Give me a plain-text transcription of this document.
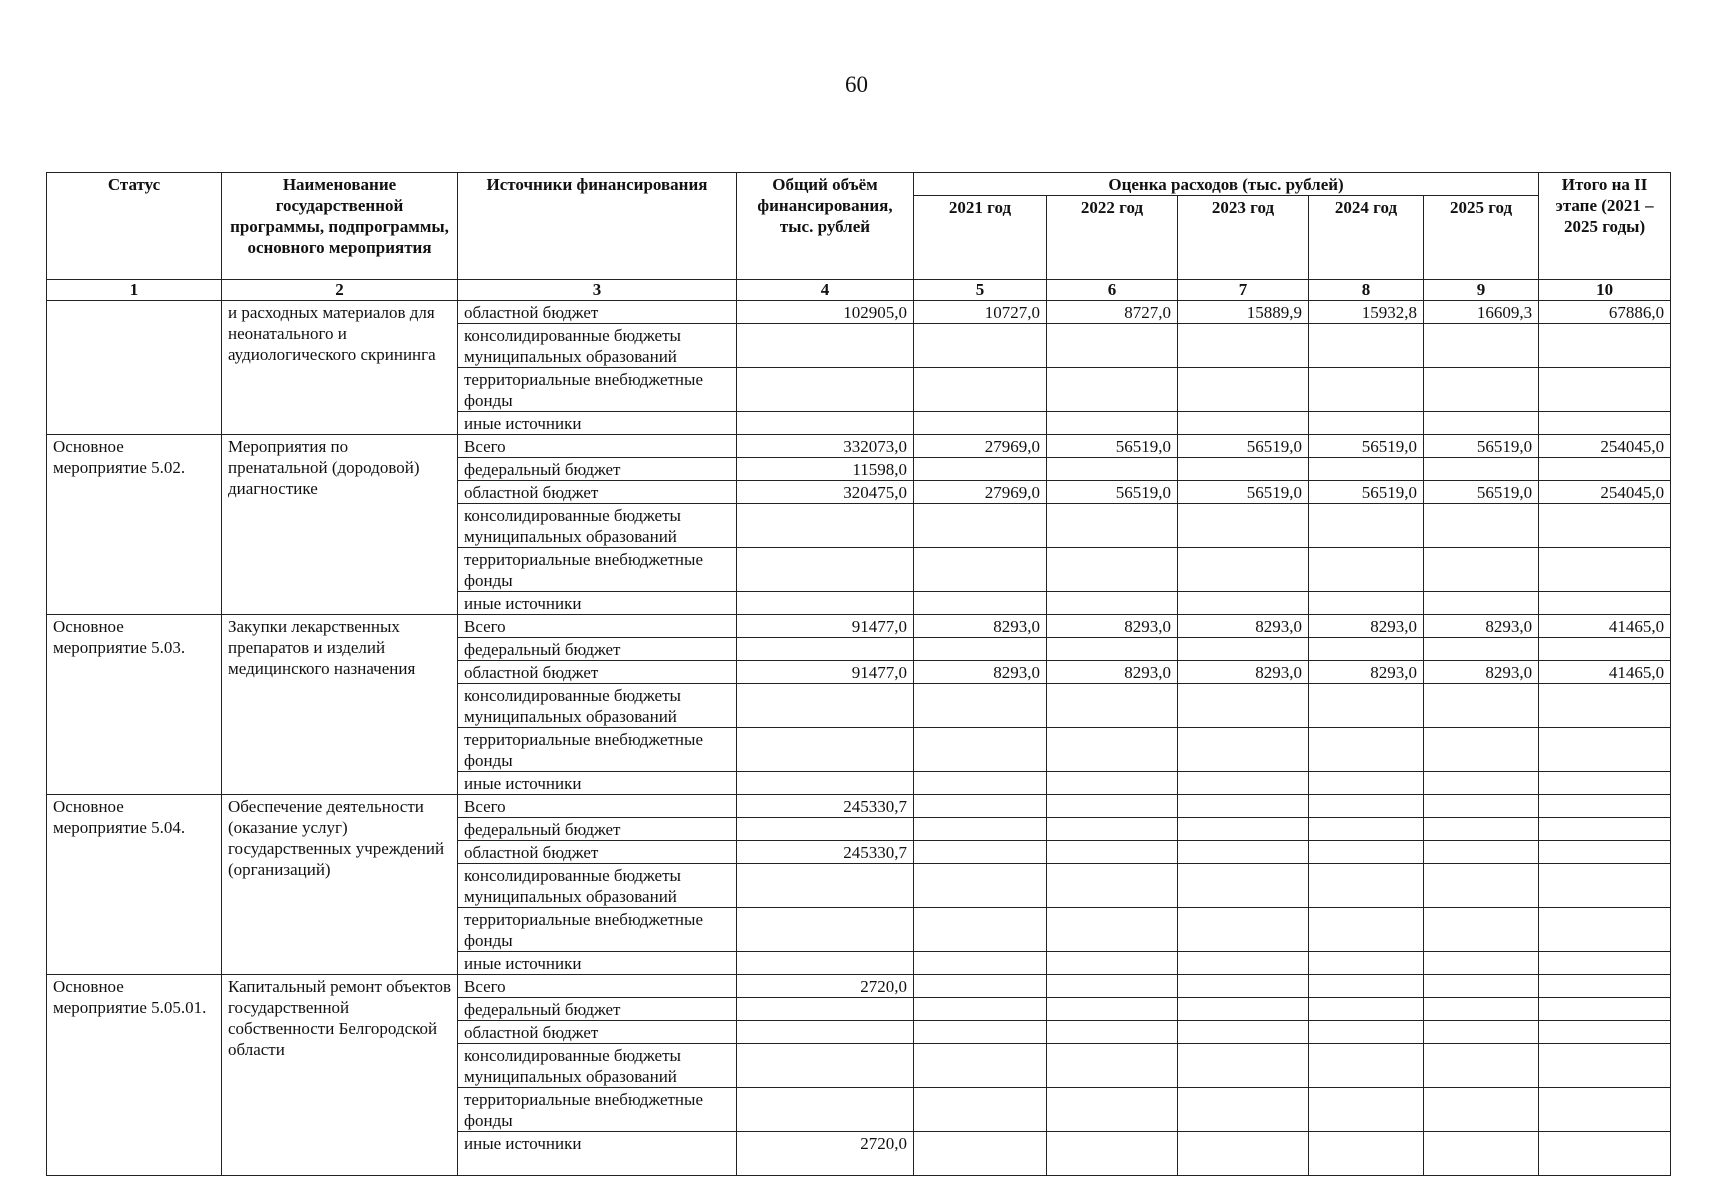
60
Статус	Наименование государственной программы, подпрограммы, основного мероприятия	Источники финансирования	Общий объём финансирования, тыс. рублей	Оценка расходов (тыс. рублей)					Итого на II этапе (2021 – 2025 годы)
				2021 год	2022 год	2023 год	2024 год	2025 год	
1	2	3	4	5	6	7	8	9	10
	и расходных материалов для неонатального и аудиологического скрининга	областной бюджет	102905,0	10727,0	8727,0	15889,9	15932,8	16609,3	67886,0
		консолидированные бюджеты муниципальных образований							
		территориальные внебюджетные фонды							
		иные источники							
Основное мероприятие 5.02.	Мероприятия по пренатальной (дородовой) диагностике	Всего	332073,0	27969,0	56519,0	56519,0	56519,0	56519,0	254045,0
		федеральный бюджет	11598,0						
		областной бюджет	320475,0	27969,0	56519,0	56519,0	56519,0	56519,0	254045,0
		консолидированные бюджеты муниципальных образований							
		территориальные внебюджетные фонды							
		иные источники							
Основное мероприятие 5.03.	Закупки лекарственных препаратов и изделий медицинского назначения	Всего	91477,0	8293,0	8293,0	8293,0	8293,0	8293,0	41465,0
		федеральный бюджет							
		областной бюджет	91477,0	8293,0	8293,0	8293,0	8293,0	8293,0	41465,0
		консолидированные бюджеты муниципальных образований							
		территориальные внебюджетные фонды							
		иные источники							
Основное мероприятие 5.04.	Обеспечение деятельности (оказание услуг) государственных учреждений (организаций)	Всего	245330,7						
		федеральный бюджет							
		областной бюджет	245330,7						
		консолидированные бюджеты муниципальных образований							
		территориальные внебюджетные фонды							
		иные источники							
Основное мероприятие 5.05.01.	Капитальный ремонт объектов государственной собственности Белгородской области	Всего	2720,0						
		федеральный бюджет							
		областной бюджет							
		консолидированные бюджеты муниципальных образований							
		территориальные внебюджетные фонды							
		иные источники	2720,0						
